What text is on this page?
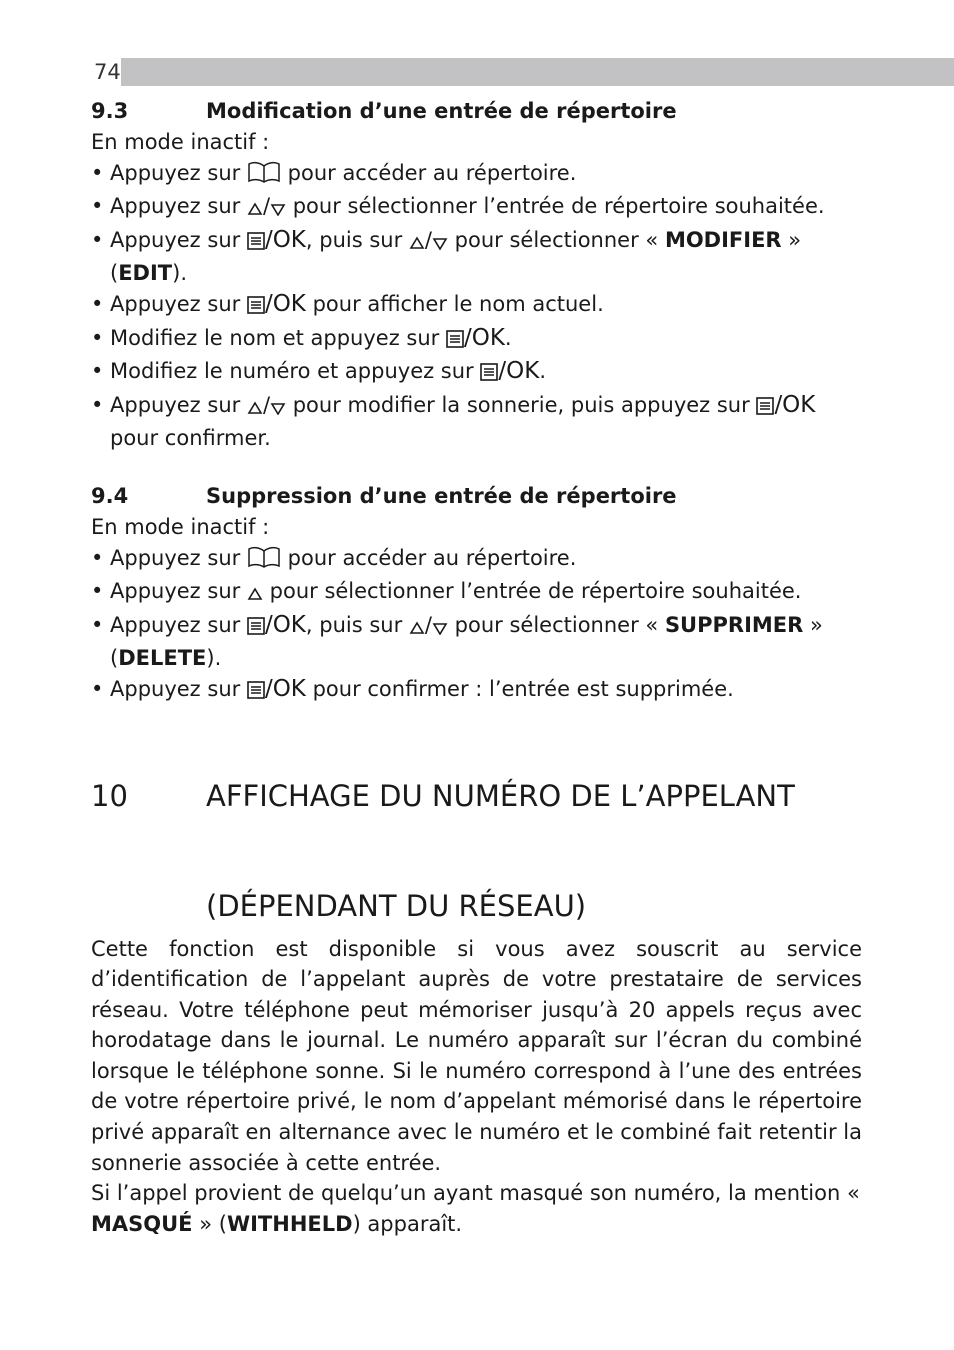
74
9.3	Modification d’une entrée de répertoire

En mode inactif :

• Appuyez sur pour accéder au répertoire.
• Appuyez sur / pour sélectionner l’entrée de répertoire souhaitée.
• Appuyez sur /OK, puis sur / pour sélectionner « MODIFIER » (EDIT).
• Appuyez sur /OK pour afficher le nom actuel.
• Modifiez le nom et appuyez sur /OK.
• Modifiez le numéro et appuyez sur /OK.
• Appuyez sur / pour modifier la sonnerie, puis appuyez sur /OK pour confirmer.
9.4	Suppression d’une entrée de répertoire

En mode inactif :

• Appuyez sur pour accéder au répertoire.
• Appuyez sur pour sélectionner l’entrée de répertoire souhaitée.
• Appuyez sur /OK, puis sur / pour sélectionner « SUPPRIMER » (DELETE).
• Appuyez sur /OK pour confirmer : l’entrée est supprimée.
10	AFFICHAGE DU NUMÉRO DE L’APPELANT
(DÉPENDANT DU RÉSEAU)

Cette fonction est disponible si vous avez souscrit au service d’identification de l’appelant auprès de votre prestataire de services réseau. Votre téléphone peut mémoriser jusqu’à 20 appels reçus avec horodatage dans le journal. Le numéro apparaît sur l’écran du combiné lorsque le téléphone sonne. Si le numéro correspond à l’une des entrées de votre répertoire privé, le nom d’appelant mémorisé dans le répertoire privé apparaît en alternance avec le numéro et le combiné fait retentir la sonnerie associée à cette entrée.

Si l’appel provient de quelqu’un ayant masqué son numéro, la mention « MASQUÉ » (WITHHELD) apparaît.
